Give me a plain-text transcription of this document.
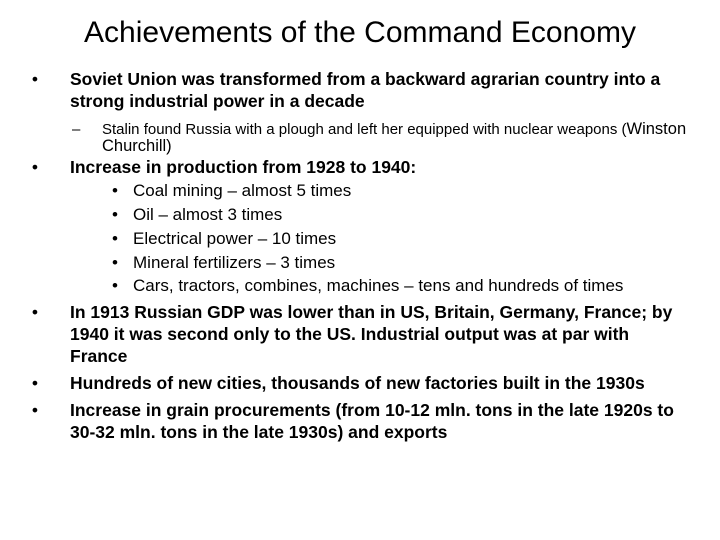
Achievements of the Command Economy
• Soviet Union was transformed from a backward agrarian country into a strong industrial power in a decade
– Stalin found Russia with a plough and left her equipped with nuclear weapons (Winston Churchill)
• Increase in production from 1928 to 1940:
• Coal mining – almost 5 times
• Oil – almost 3 times
• Electrical power – 10 times
• Mineral fertilizers – 3 times
• Cars, tractors, combines, machines – tens and hundreds of times
• In 1913 Russian GDP was lower than in US, Britain, Germany, France; by 1940 it was second only to the US. Industrial output was at par with France
• Hundreds of new cities, thousands of new factories built in the 1930s
• Increase in grain procurements (from 10-12 mln. tons in the late 1920s to 30-32 mln. tons in the late 1930s) and exports
